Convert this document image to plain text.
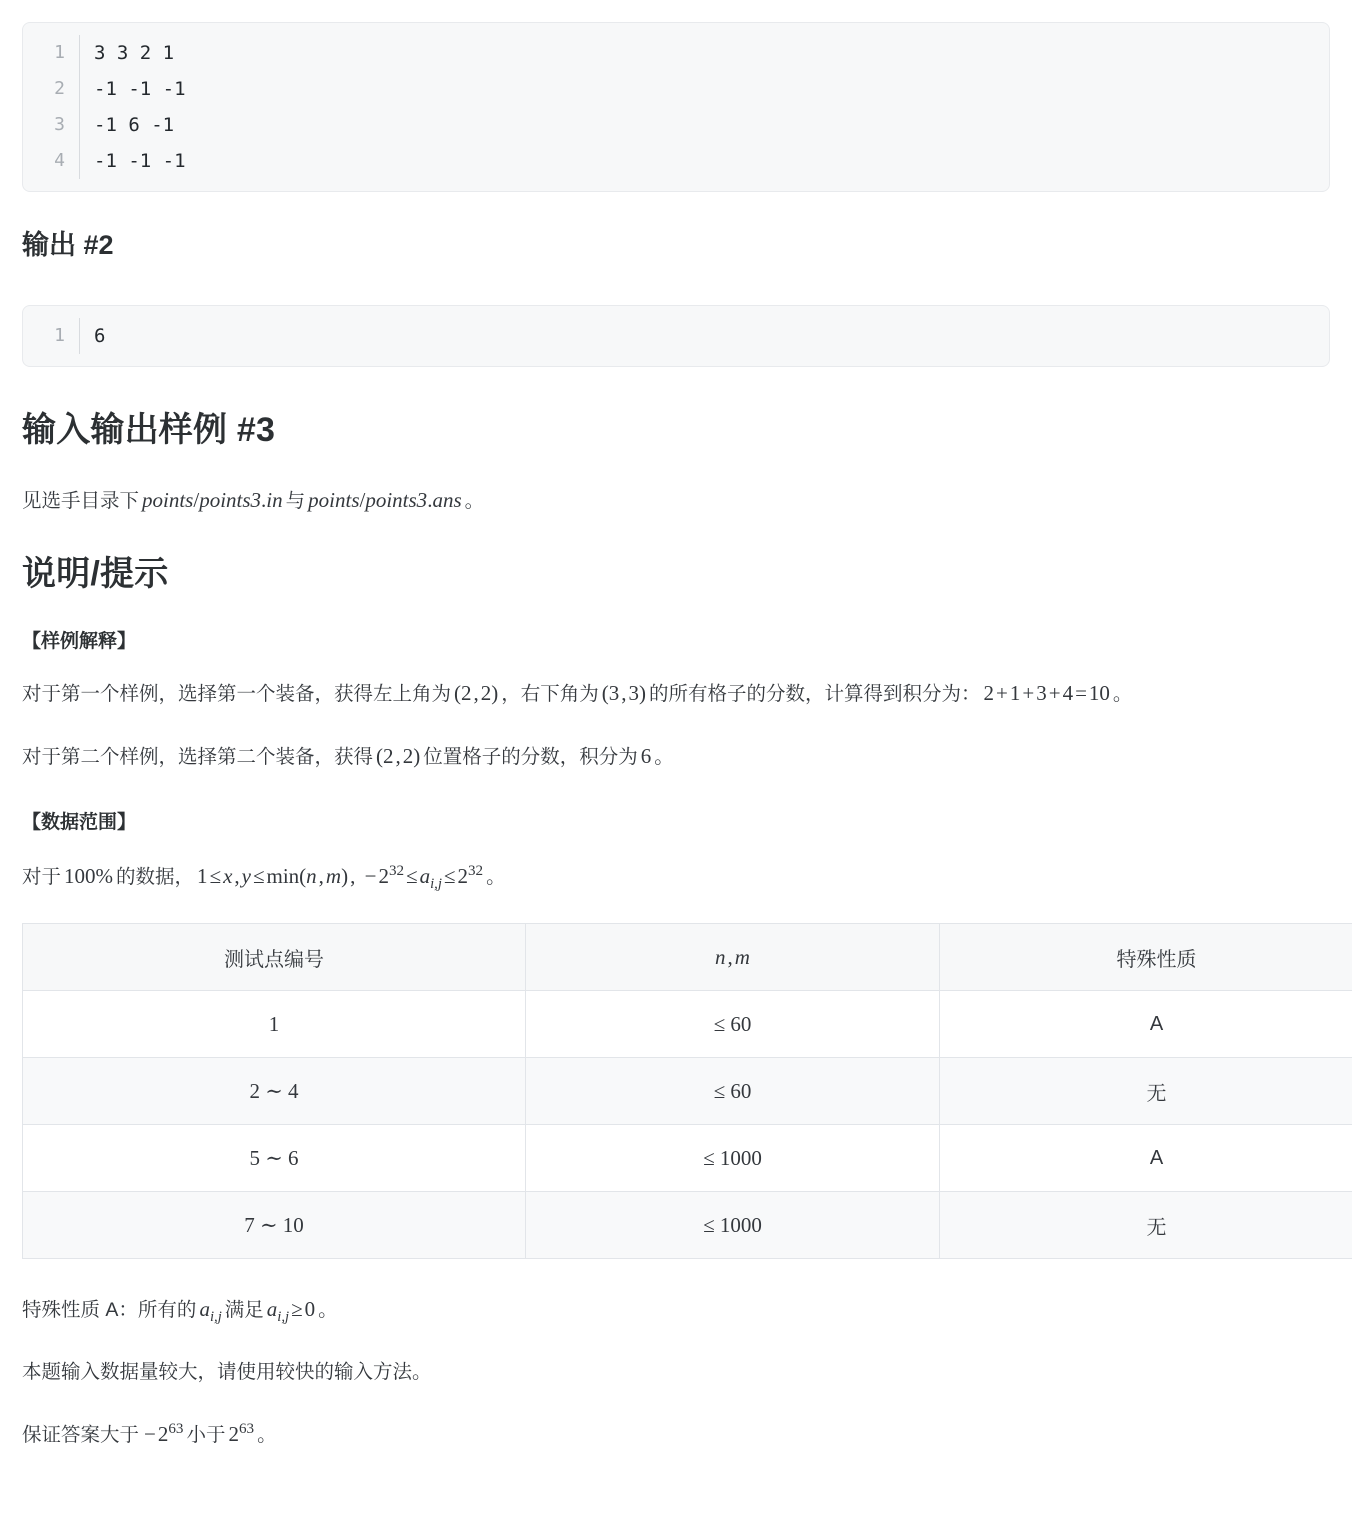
1	3 3 2 1
2	-1 -1 -1
3	-1 6 -1
4	-1 -1 -1
输出 #2
1	6
输入输出样例 #3

见选手目录下 points/points3.in 与 points/points3.ans 。

说明/提示

【样例解释】

对于第一个样例，选择第一个装备，获得左上角为 (2,2) ，右下角为 (3,3) 的所有格子的分数，计算得到积分为： 2+1+3+4=10 。

对于第二个样例，选择第二个装备，获得 (2,2) 位置格子的分数，积分为 6 。

【数据范围】

对于 100% 的数据， 1≤x,y≤min(n,m), $-2^{32}\le a_{i,j}\le 2^{32}$ 。

测试点编号	n,m	特殊性质
1	≤ 60	A
2 ∼ 4	≤ 60	无
5 ∼ 6	≤ 1000	A
7 ∼ 10	≤ 1000	无

特殊性质 A：所有的 $a_{i,j}$ 满足 $a_{i,j}\ge 0$ 。

本题输入数据量较大，请使用较快的输入方法。

保证答案大于 $-2^{63}$ 小于 $2^{63}$ 。
